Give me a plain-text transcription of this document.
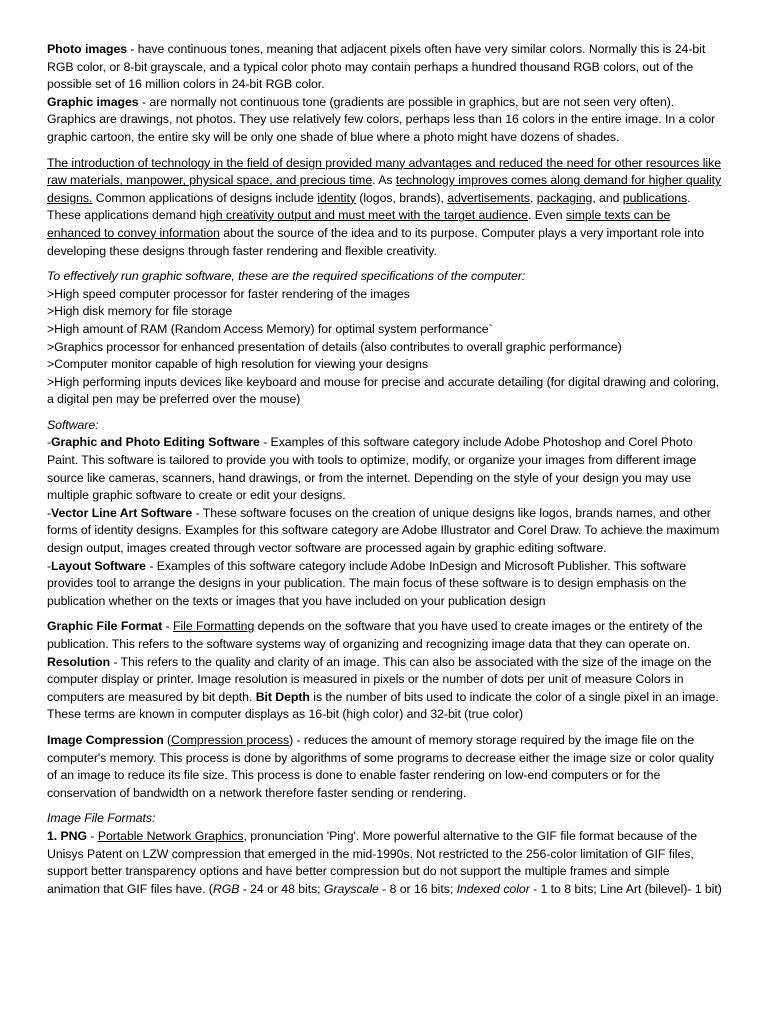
Photo images - have continuous tones, meaning that adjacent pixels often have very similar colors. Normally this is 24-bit RGB color, or 8-bit grayscale, and a typical color photo may contain perhaps a hundred thousand RGB colors, out of the possible set of 16 million colors in 24-bit RGB color.

Graphic images - are normally not continuous tone (gradients are possible in graphics, but are not seen very often). Graphics are drawings, not photos. They use relatively few colors, perhaps less than 16 colors in the entire image. In a color graphic cartoon, the entire sky will be only one shade of blue where a photo might have dozens of shades.

The introduction of technology in the field of design provided many advantages and reduced the need for other resources like raw materials, manpower, physical space, and precious time. As technology improves comes along demand for higher quality designs. Common applications of designs include identity (logos, brands), advertisements, packaging, and publications. These applications demand high creativity output and must meet with the target audience. Even simple texts can be enhanced to convey information about the source of the idea and to its purpose. Computer plays a very important role into developing these designs through faster rendering and flexible creativity.

To effectively run graphic software, these are the required specifications of the computer:

>High speed computer processor for faster rendering of the images

>High disk memory for file storage

>High amount of RAM (Random Access Memory) for optimal system performance`

>Graphics processor for enhanced presentation of details (also contributes to overall graphic performance)

>Computer monitor capable of high resolution for viewing your designs

>High performing inputs devices like keyboard and mouse for precise and accurate detailing (for digital drawing and coloring, a digital pen may be preferred over the mouse)

Software:

-Graphic and Photo Editing Software - Examples of this software category include Adobe Photoshop and Corel Photo Paint. This software is tailored to provide you with tools to optimize, modify, or organize your images from different image source like cameras, scanners, hand drawings, or from the internet. Depending on the style of your design you may use multiple graphic software to create or edit your designs.

-Vector Line Art Software - These software focuses on the creation of unique designs like logos, brands names, and other forms of identity designs. Examples for this software category are Adobe Illustrator and Corel Draw. To achieve the maximum design output, images created through vector software are processed again by graphic editing software.

-Layout Software - Examples of this software category include Adobe InDesign and Microsoft Publisher. This software provides tool to arrange the designs in your publication. The main focus of these software is to design emphasis on the publication whether on the texts or images that you have included on your publication design

Graphic File Format - File Formatting depends on the software that you have used to create images or the entirety of the publication. This refers to the software systems way of organizing and recognizing image data that they can operate on.

Resolution - This refers to the quality and clarity of an image. This can also be associated with the size of the image on the computer display or printer. Image resolution is measured in pixels or the number of dots per unit of measure Colors in computers are measured by bit depth. Bit Depth is the number of bits used to indicate the color of a single pixel in an image. These terms are known in computer displays as 16-bit (high color) and 32-bit (true color)

Image Compression (Compression process) - reduces the amount of memory storage required by the image file on the computer's memory. This process is done by algorithms of some programs to decrease either the image size or color quality of an image to reduce its file size. This process is done to enable faster rendering on low-end computers or for the conservation of bandwidth on a network therefore faster sending or rendering.

Image File Formats:

1. PNG - Portable Network Graphics, pronunciation 'Ping'. More powerful alternative to the GIF file format because of the Unisys Patent on LZW compression that emerged in the mid-1990s. Not restricted to the 256-color limitation of GIF files, support better transparency options and have better compression but do not support the multiple frames and simple animation that GIF files have. (RGB - 24 or 48 bits; Grayscale - 8 or 16 bits; Indexed color - 1 to 8 bits; Line Art (bilevel)- 1 bit)
